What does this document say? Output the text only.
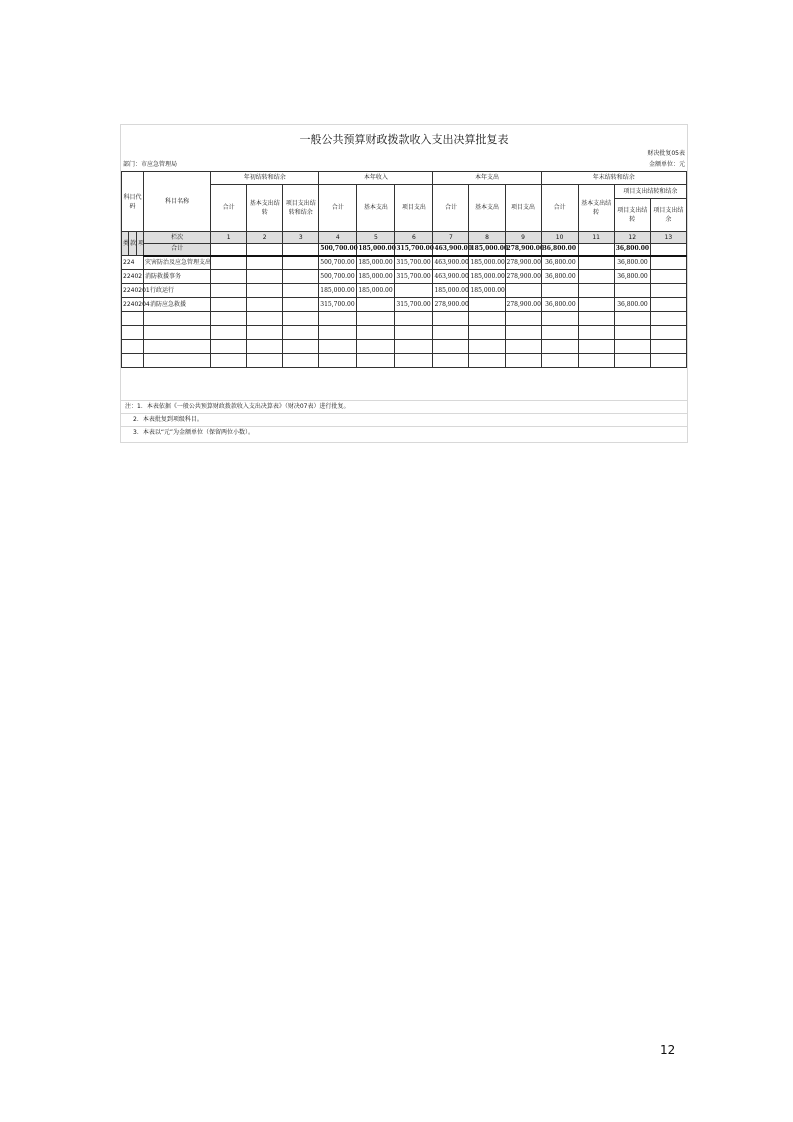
一般公共预算财政拨款收入支出决算批复表
财决批复05表
金额单位：元
部门：市应急管理局
科目代码			科目名称	年初结转和结余			本年收入			本年支出			年末结转和结余			
				合计	基本支出结转	项目支出结转和结余	合计	基本支出	项目支出	合计	基本支出	项目支出	合计	基本支出结转	项目支出结转和结余	
															项目支出结转	项目支出结余
类	款	项	栏次	1	2	3	4	5	6	7	8	9	10	11	12	13
			合计				500,700.00	185,000.00	315,700.00	463,900.00	185,000.00	278,900.00	36,800.00		36,800.00	
224			灾害防治及应急管理支出				500,700.00	185,000.00	315,700.00	463,900.00	185,000.00	278,900.00	36,800.00		36,800.00	
22402			消防救援事务				500,700.00	185,000.00	315,700.00	463,900.00	185,000.00	278,900.00	36,800.00		36,800.00	
2240201			行政运行				185,000.00	185,000.00		185,000.00	185,000.00					
2240204			消防应急救援				315,700.00		315,700.00	278,900.00		278,900.00	36,800.00		36,800.00	

注：1．本表依据《一般公共预算财政拨款收入支出决算表》（财决07表）进行批复。
2．本表批复到项级科目。
3．本表以“元”为金额单位（保留两位小数）。
12
